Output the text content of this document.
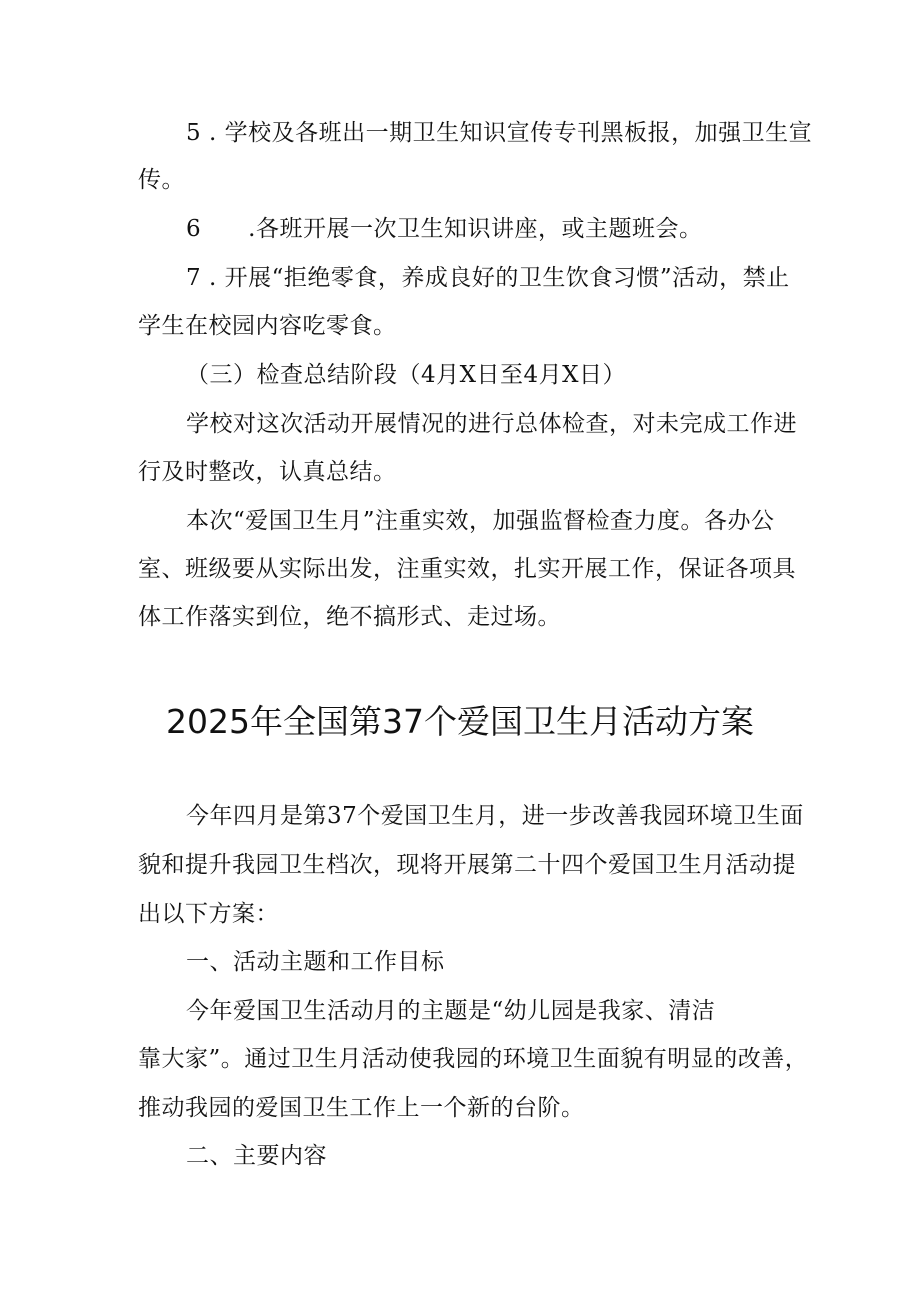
5 . 学校及各班出一期卫生知识宣传专刊黑板报，加强卫生宣
传。
6　　.各班开展一次卫生知识讲座，或主题班会。
7 . 开展“拒绝零食，养成良好的卫生饮食习惯”活动，禁止
学生在校园内容吃零食。
（三）检查总结阶段（4月X日至4月X日）
学校对这次活动开展情况的进行总体检查，对未完成工作进
行及时整改，认真总结。
本次“爱国卫生月”注重实效，加强监督检查力度。各办公
室、班级要从实际出发，注重实效，扎实开展工作，保证各项具
体工作落实到位，绝不搞形式、走过场。
2025年全国第37个爱国卫生月活动方案
今年四月是第37个爱国卫生月，进一步改善我园环境卫生面
貌和提升我园卫生档次，现将开展第二十四个爱国卫生月活动提
出以下方案：
一、活动主题和工作目标
今年爱国卫生活动月的主题是“幼儿园是我家、清洁
靠大家”。通过卫生月活动使我园的环境卫生面貌有明显的改善，
推动我园的爱国卫生工作上一个新的台阶。
二、主要内容
